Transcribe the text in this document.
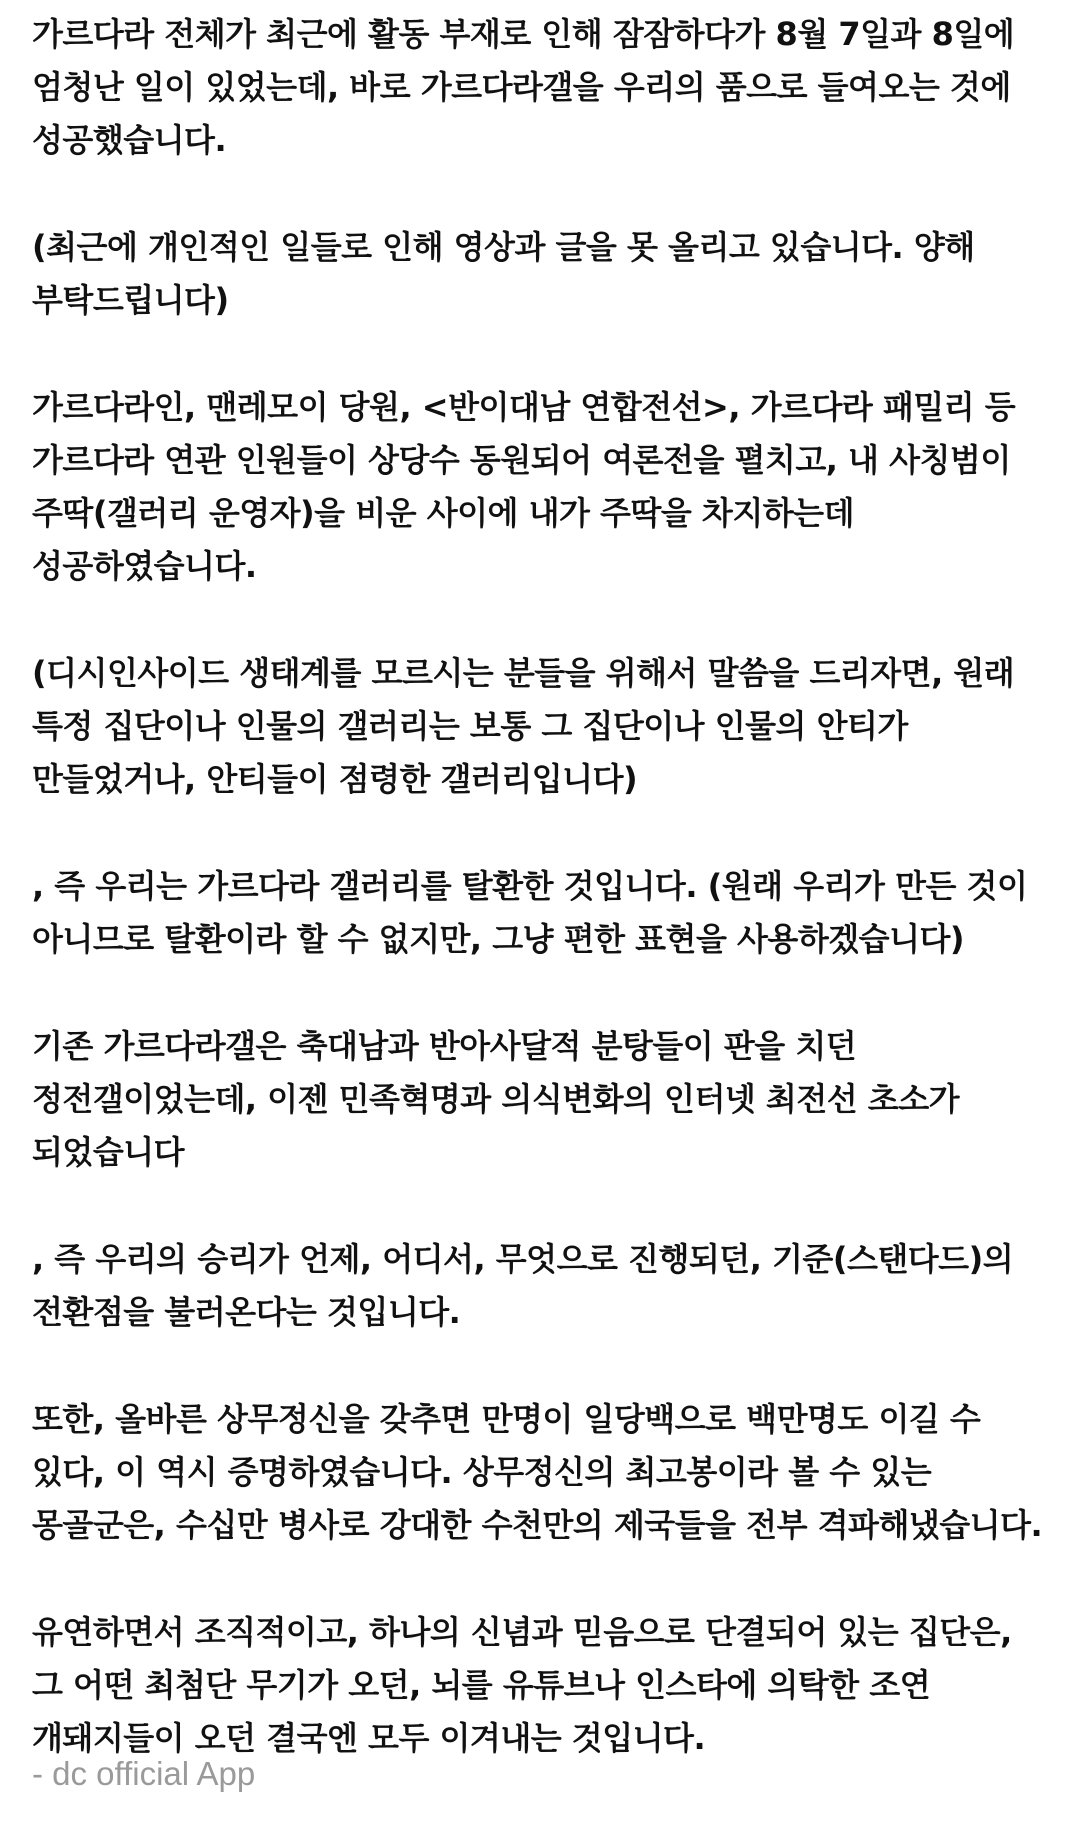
가르다라 전체가 최근에 활동 부재로 인해 잠잠하다가 8월 7일과 8일에 엄청난 일이 있었는데, 바로 가르다라갤을 우리의 품으로 들여오는 것에 성공했습니다.

(최근에 개인적인 일들로 인해 영상과 글을 못 올리고 있습니다. 양해 부탁드립니다)

가르다라인, 맨레모이 당원, <반이대남 연합전선>, 가르다라 패밀리 등 가르다라 연관 인원들이 상당수 동원되어 여론전을 펼치고, 내 사칭범이 주딱(갤러리 운영자)을 비운 사이에 내가 주딱을 차지하는데 성공하였습니다.

(디시인사이드 생태계를 모르시는 분들을 위해서 말씀을 드리자면, 원래 특정 집단이나 인물의 갤러리는 보통 그 집단이나 인물의 안티가 만들었거나, 안티들이 점령한 갤러리입니다)

, 즉 우리는 가르다라 갤러리를 탈환한 것입니다. (원래 우리가 만든 것이 아니므로 탈환이라 할 수 없지만, 그냥 편한 표현을 사용하겠습니다)

기존 가르다라갤은 축대남과 반아사달적 분탕들이 판을 치던 정전갤이었는데, 이젠 민족혁명과 의식변화의 인터넷 최전선 초소가 되었습니다

, 즉 우리의 승리가 언제, 어디서, 무엇으로 진행되던, 기준(스탠다드)의 전환점을 불러온다는 것입니다.

또한, 올바른 상무정신을 갖추면 만명이 일당백으로 백만명도 이길 수 있다, 이 역시 증명하였습니다. 상무정신의 최고봉이라 볼 수 있는 몽골군은, 수십만 병사로 강대한 수천만의 제국들을 전부 격파해냈습니다.

유연하면서 조직적이고, 하나의 신념과 믿음으로 단결되어 있는 집단은, 그 어떤 최첨단 무기가 오던, 뇌를 유튜브나 인스타에 의탁한 조연 개돼지들이 오던 결국엔 모두 이겨내는 것입니다.

- dc official App
